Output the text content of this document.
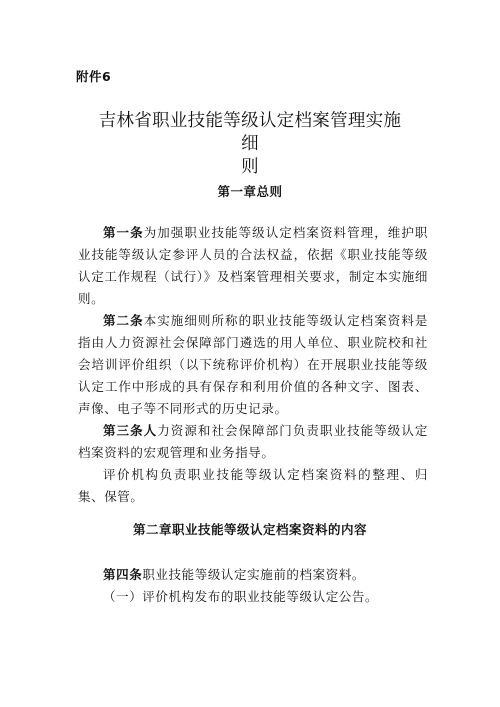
附件6
吉林省职业技能等级认定档案管理实施细
则
第一章总则

第一条为加强职业技能等级认定档案资料管理，维护职业技能等级认定参评人员的合法权益，依据《职业技能等级认定工作规程（试行）》及档案管理相关要求，制定本实施细则。

第二条本实施细则所称的职业技能等级认定档案资料是指由人力资源社会保障部门遴选的用人单位、职业院校和社会培训评价组织（以下统称评价机构）在开展职业技能等级认定工作中形成的具有保存和利用价值的各种文字、图表、声像、电子等不同形式的历史记录。

第三条人力资源和社会保障部门负责职业技能等级认定档案资料的宏观管理和业务指导。

评价机构负责职业技能等级认定档案资料的整理、归集、保管。

第二章职业技能等级认定档案资料的内容

第四条职业技能等级认定实施前的档案资料。

（一）评价机构发布的职业技能等级认定公告。
